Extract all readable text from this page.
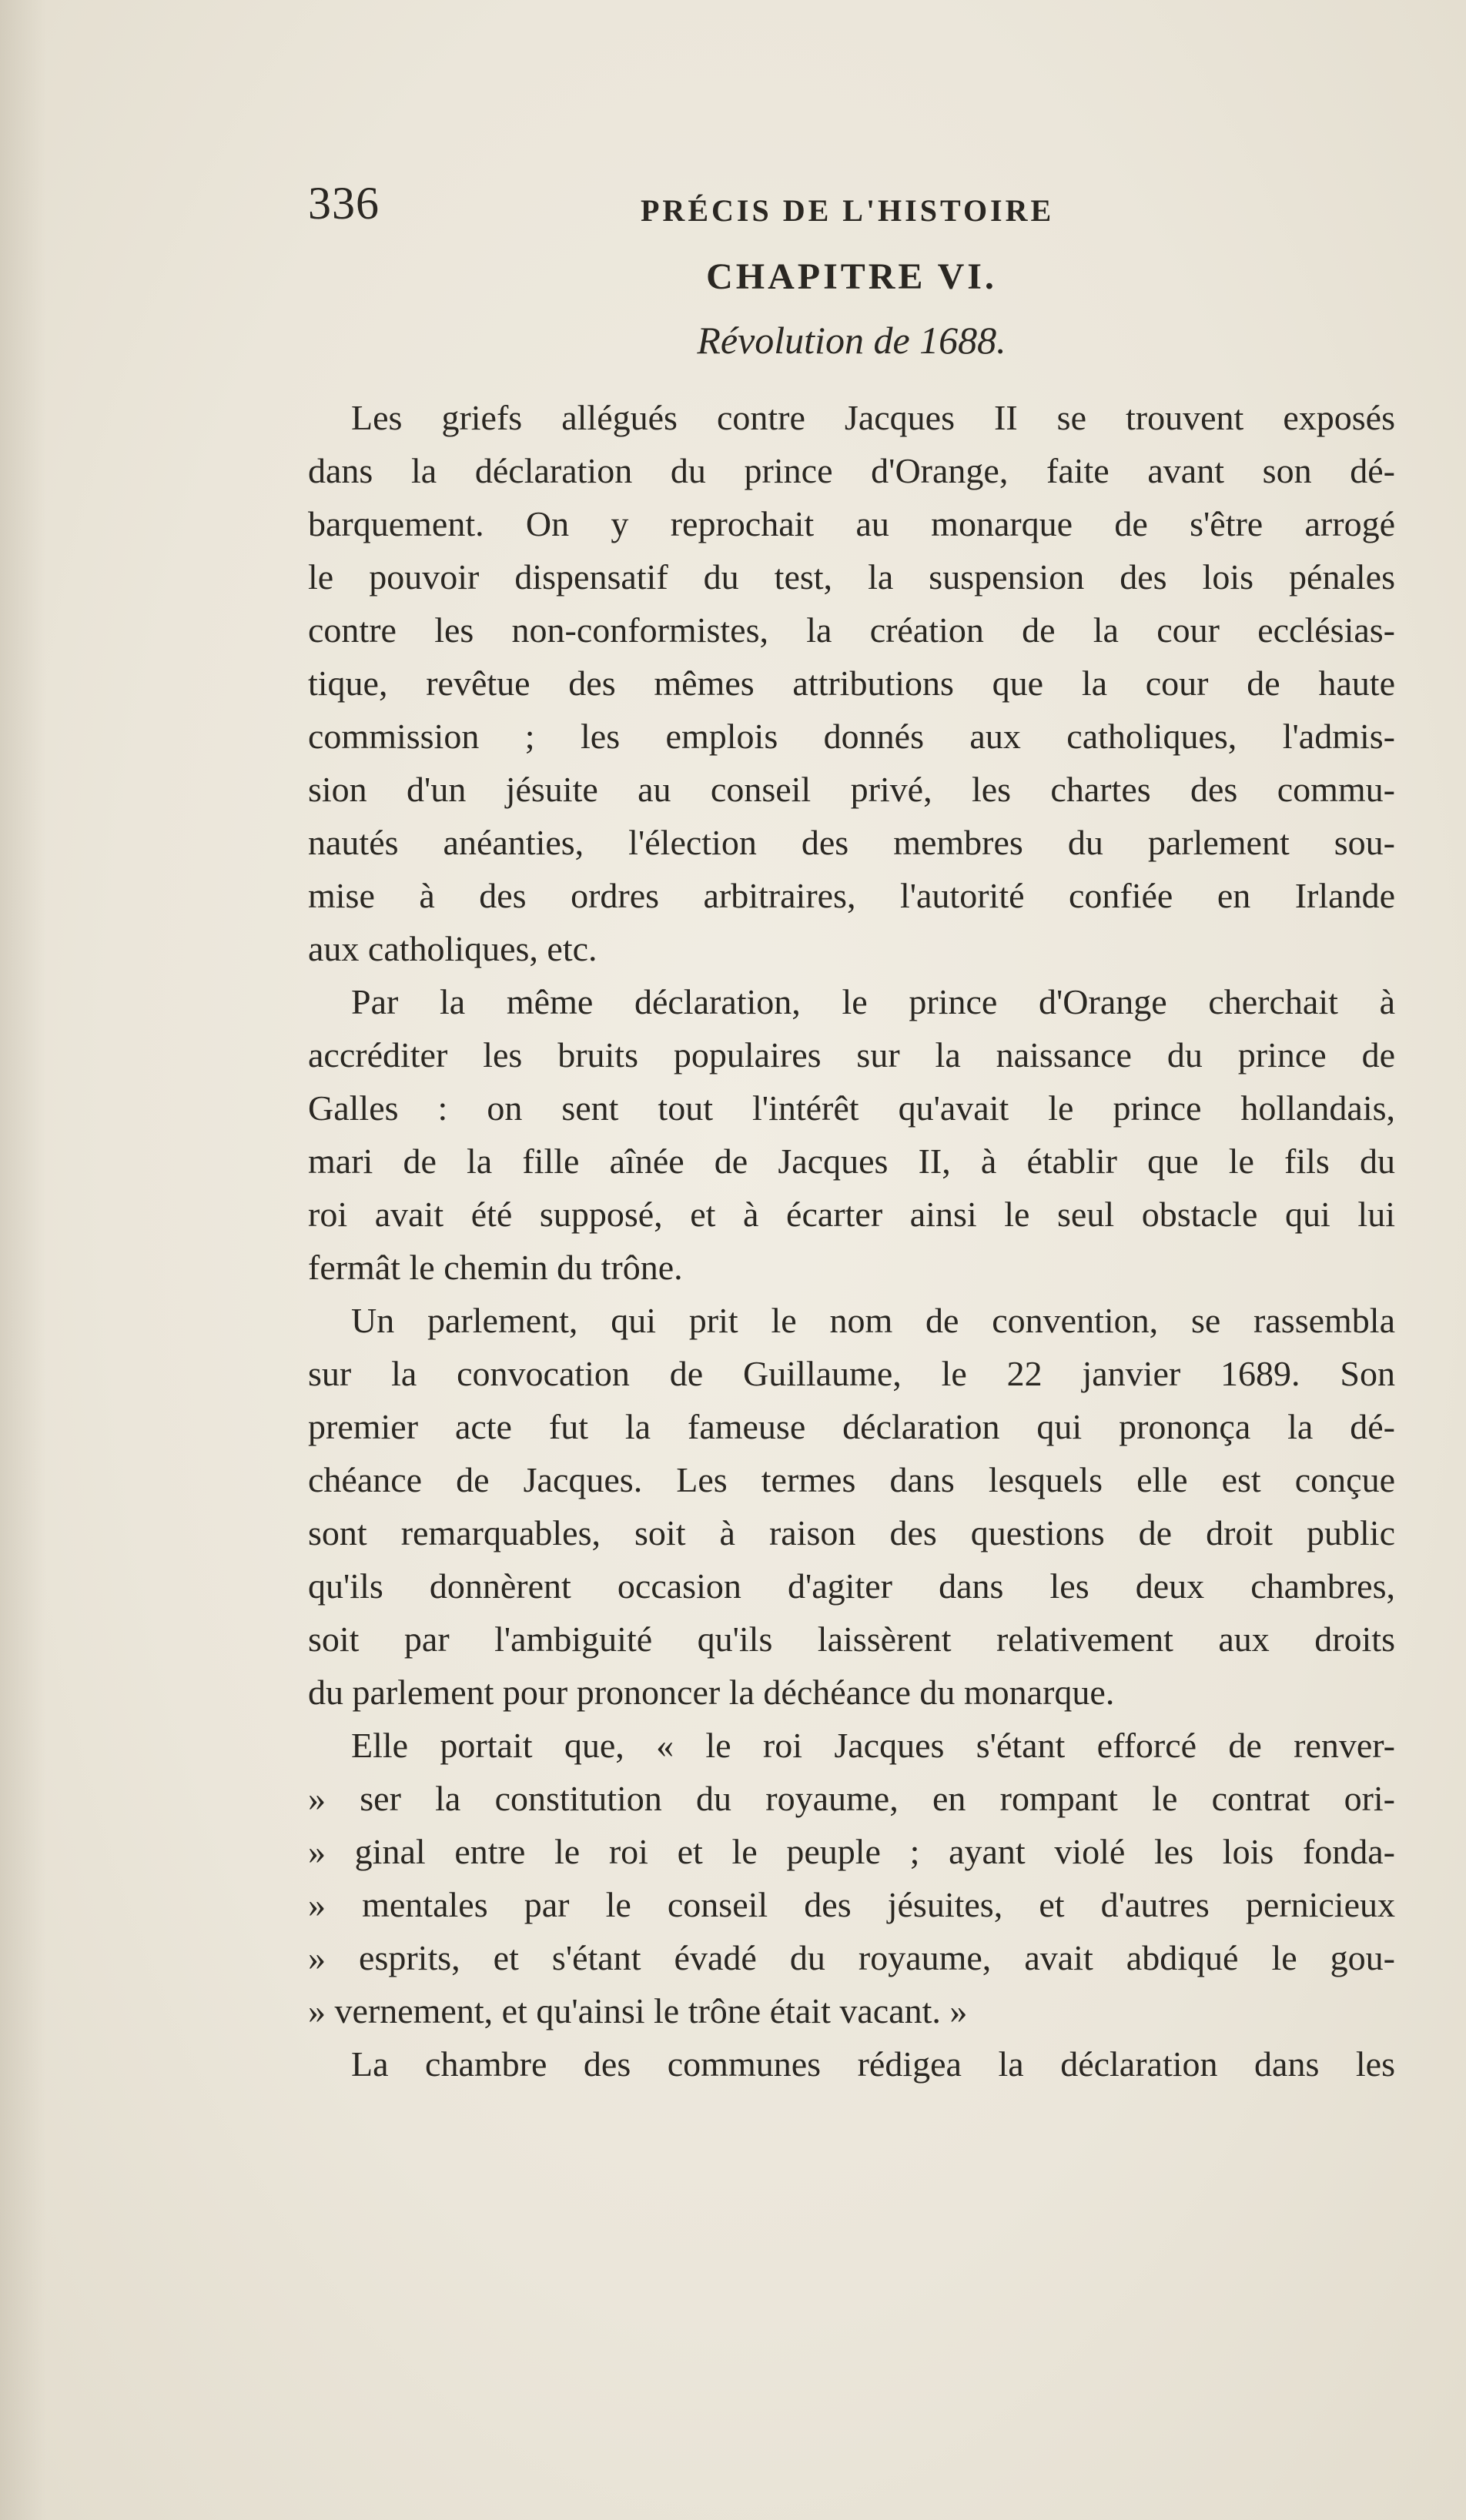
336	PRÉCIS DE L'HISTOIRE
CHAPITRE VI.
Révolution de 1688.
Les griefs allégués contre Jacques II se trouvent exposés
dans la déclaration du prince d'Orange, faite avant son dé-
barquement. On y reprochait au monarque de s'être arrogé
le pouvoir dispensatif du test, la suspension des lois pénales
contre les non-conformistes, la création de la cour ecclésias-
tique, revêtue des mêmes attributions que la cour de haute
commission ; les emplois donnés aux catholiques, l'admis-
sion d'un jésuite au conseil privé, les chartes des commu-
nautés anéanties, l'élection des membres du parlement sou-
mise à des ordres arbitraires, l'autorité confiée en Irlande
aux catholiques, etc.
Par la même déclaration, le prince d'Orange cherchait à
accréditer les bruits populaires sur la naissance du prince de
Galles : on sent tout l'intérêt qu'avait le prince hollandais,
mari de la fille aînée de Jacques II, à établir que le fils du
roi avait été supposé, et à écarter ainsi le seul obstacle qui lui
fermât le chemin du trône.
Un parlement, qui prit le nom de convention, se rassembla
sur la convocation de Guillaume, le 22 janvier 1689. Son
premier acte fut la fameuse déclaration qui prononça la dé-
chéance de Jacques. Les termes dans lesquels elle est conçue
sont remarquables, soit à raison des questions de droit public
qu'ils donnèrent occasion d'agiter dans les deux chambres,
soit par l'ambiguité qu'ils laissèrent relativement aux droits
du parlement pour prononcer la déchéance du monarque.
Elle portait que, « le roi Jacques s'étant efforcé de renver-
» ser la constitution du royaume, en rompant le contrat ori-
» ginal entre le roi et le peuple ; ayant violé les lois fonda-
» mentales par le conseil des jésuites, et d'autres pernicieux
» esprits, et s'étant évadé du royaume, avait abdiqué le gou-
» vernement, et qu'ainsi le trône était vacant. »
La chambre des communes rédigea la déclaration dans les
